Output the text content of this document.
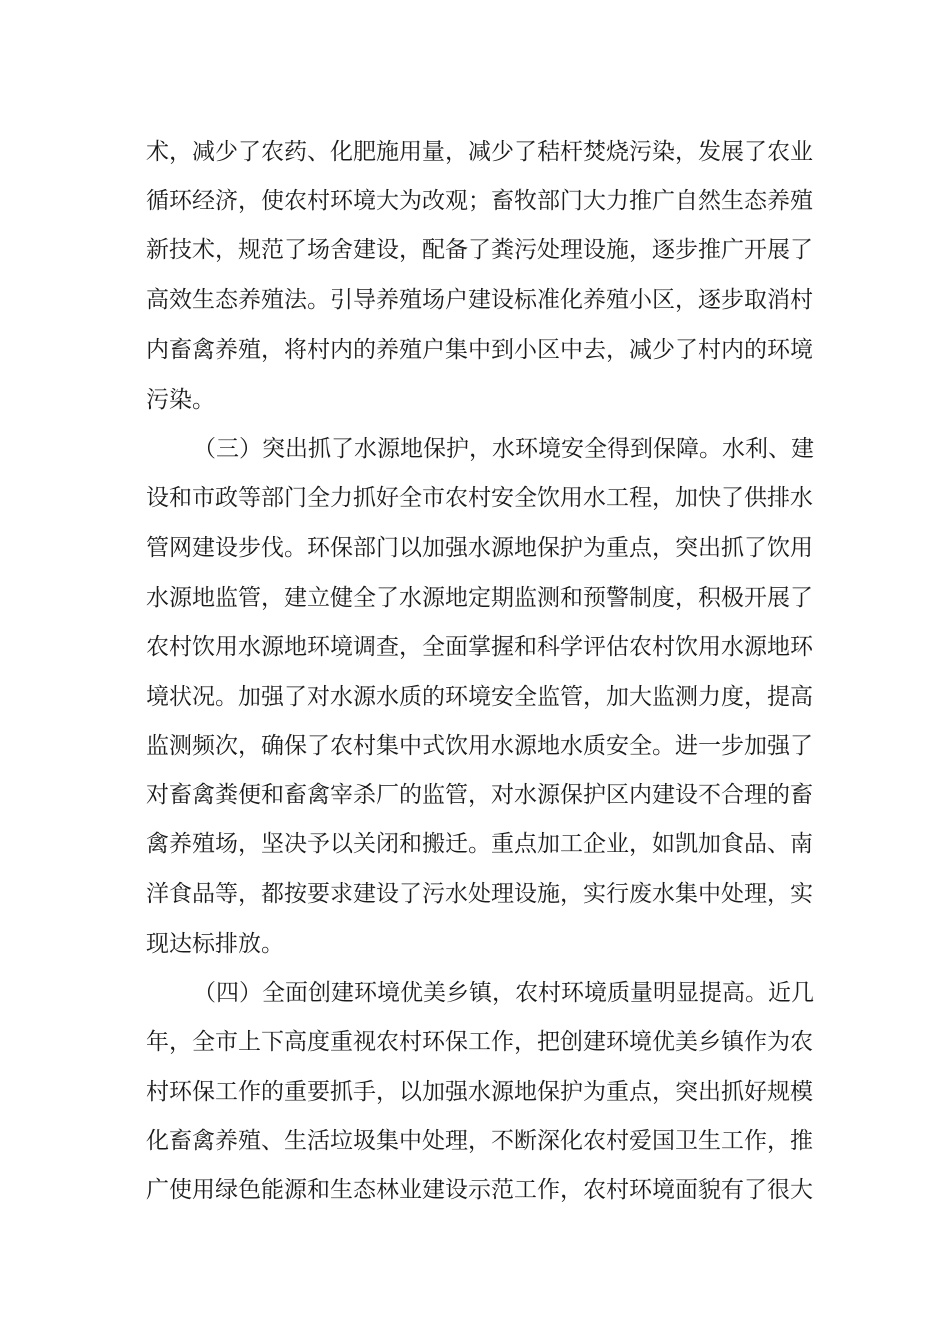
术，减少了农药、化肥施用量，减少了秸杆焚烧污染，发展了农业
循环经济，使农村环境大为改观；畜牧部门大力推广自然生态养殖
新技术，规范了场舍建设，配备了粪污处理设施，逐步推广开展了
高效生态养殖法。引导养殖场户建设标准化养殖小区，逐步取消村
内畜禽养殖，将村内的养殖户集中到小区中去，减少了村内的环境
污染。
（三）突出抓了水源地保护，水环境安全得到保障。水利、建
设和市政等部门全力抓好全市农村安全饮用水工程，加快了供排水
管网建设步伐。环保部门以加强水源地保护为重点，突出抓了饮用
水源地监管，建立健全了水源地定期监测和预警制度，积极开展了
农村饮用水源地环境调查，全面掌握和科学评估农村饮用水源地环
境状况。加强了对水源水质的环境安全监管，加大监测力度，提高
监测频次，确保了农村集中式饮用水源地水质安全。进一步加强了
对畜禽粪便和畜禽宰杀厂的监管，对水源保护区内建设不合理的畜
禽养殖场，坚决予以关闭和搬迁。重点加工企业，如凯加食品、南
洋食品等，都按要求建设了污水处理设施，实行废水集中处理，实
现达标排放。
（四）全面创建环境优美乡镇，农村环境质量明显提高。近几
年，全市上下高度重视农村环保工作，把创建环境优美乡镇作为农
村环保工作的重要抓手，以加强水源地保护为重点，突出抓好规模
化畜禽养殖、生活垃圾集中处理，不断深化农村爱国卫生工作，推
广使用绿色能源和生态林业建设示范工作，农村环境面貌有了很大
